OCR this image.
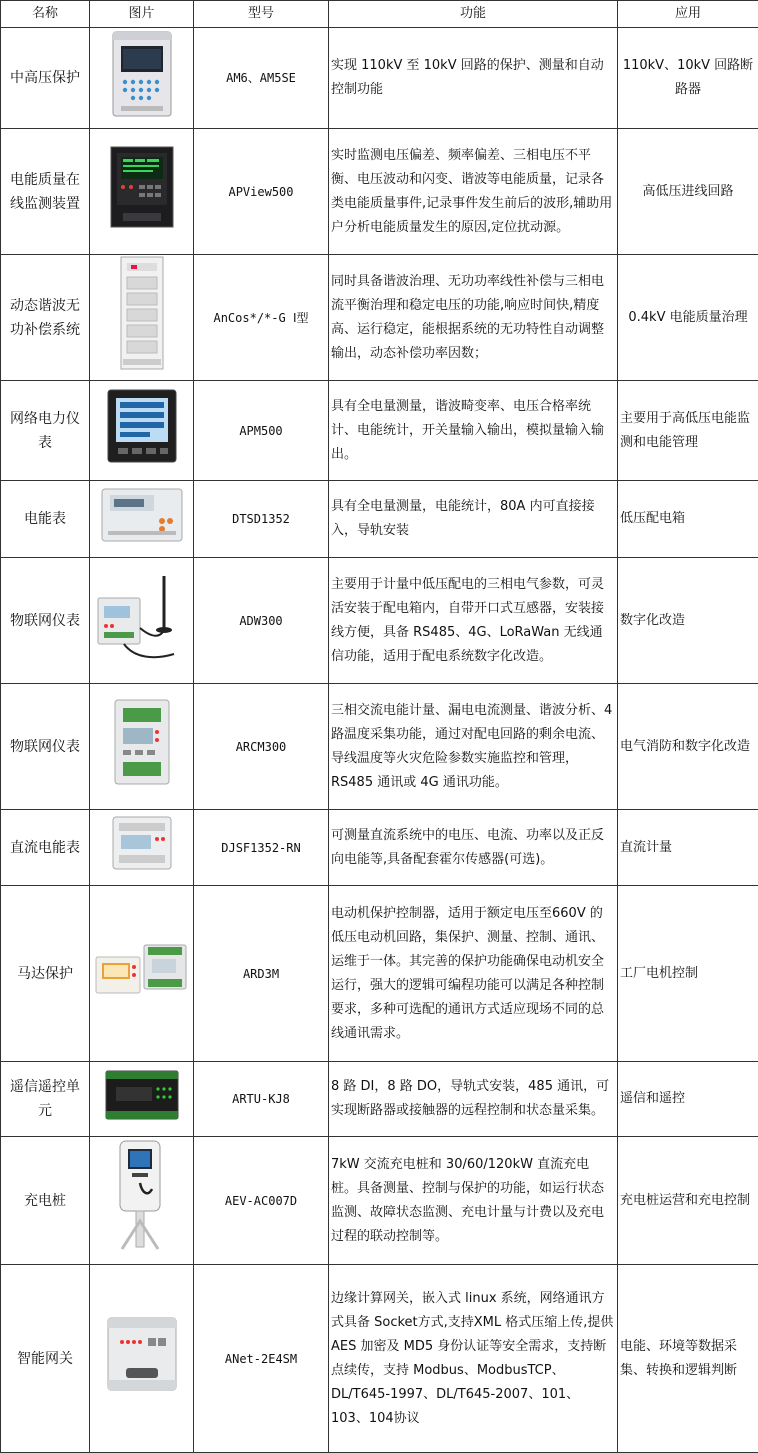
名称	图片	型号	功能	应用
中高压保护		AM6、AM5SE	实现 110kV 至 10kV 回路的保护、测量和自动控制功能	110kV、10kV 回路断路器
电能质量在线监测装置		APView500	实时监测电压偏差、频率偏差、三相电压不平衡、电压波动和闪变、谐波等电能质量，记录各类电能质量事件,记录事件发生前后的波形,辅助用户分析电能质量发生的原因,定位扰动源。	高低压进线回路
动态谐波无功补偿系统		AnCos*/*-G Ⅰ型	同时具备谐波治理、无功功率线性补偿与三相电流平衡治理和稳定电压的功能,响应时间快,精度高、运行稳定，能根据系统的无功特性自动调整输出，动态补偿功率因数；	0.4kV 电能质量治理
网络电力仪表		APM500	具有全电量测量，谐波畸变率、电压合格率统计、电能统计，开关量输入输出，模拟量输入输出。	主要用于高低压电能监测和电能管理
电能表		DTSD1352	具有全电量测量，电能统计，80A 内可直接接入，导轨安装	低压配电箱
物联网仪表		ADW300	主要用于计量中低压配电的三相电气参数，可灵活安装于配电箱内，自带开口式互感器，安装接线方便，具备 RS485、4G、LoRaWan 无线通信功能，适用于配电系统数字化改造。	数字化改造
物联网仪表		ARCM300	三相交流电能计量、漏电电流测量、谐波分析、4 路温度采集功能，通过对配电回路的剩余电流、导线温度等火灾危险参数实施监控和管理，RS485 通讯或 4G 通讯功能。	电气消防和数字化改造
直流电能表		DJSF1352-RN	可测量直流系统中的电压、电流、功率以及正反向电能等,具备配套霍尔传感器(可选)。	直流计量
马达保护		ARD3M	电动机保护控制器，适用于额定电压至660V 的低压电动机回路，集保护、测量、控制、通讯、运维于一体。其完善的保护功能确保电动机安全运行，强大的逻辑可编程功能可以满足各种控制要求，多种可选配的通讯方式适应现场不同的总线通讯需求。	工厂电机控制
遥信遥控单元		ARTU-KJ8	8 路 DI，8 路 DO，导轨式安装，485 通讯，可实现断路器或接触器的远程控制和状态量采集。	遥信和遥控
充电桩		AEV-AC007D	7kW 交流充电桩和 30/60/120kW 直流充电桩。具备测量、控制与保护的功能，如运行状态监测、故障状态监测、充电计量与计费以及充电过程的联动控制等。	充电桩运营和充电控制
智能网关		ANet-2E4SM	边缘计算网关，嵌入式 linux 系统，网络通讯方式具备 Socket方式,支持XML 格式压缩上传,提供 AES 加密及 MD5 身份认证等安全需求，支持断点续传，支持 Modbus、ModbusTCP、DL/T645-1997、DL/T645-2007、101、103、104协议	电能、环境等数据采集、转换和逻辑判断
